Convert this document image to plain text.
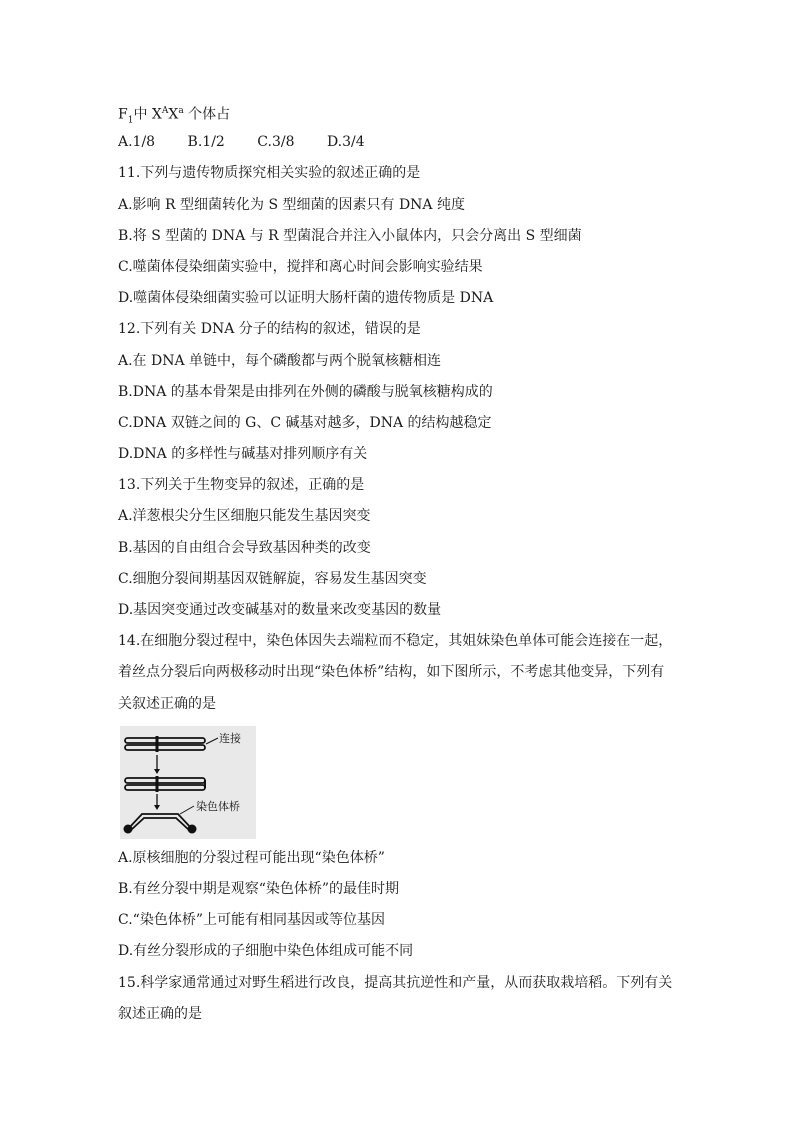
$F_1$中 $X^AX^a$ 个体占
A.1/8 B.1/2 C.3/8 D.3/4
11.下列与遗传物质探究相关实验的叙述正确的是
A.影响 R 型细菌转化为 S 型细菌的因素只有 DNA 纯度
B.将 S 型菌的 DNA 与 R 型菌混合并注入小鼠体内，只会分离出 S 型细菌
C.噬菌体侵染细菌实验中，搅拌和离心时间会影响实验结果
D.噬菌体侵染细菌实验可以证明大肠杆菌的遗传物质是 DNA
12.下列有关 DNA 分子的结构的叙述，错误的是
A.在 DNA 单链中，每个磷酸都与两个脱氧核糖相连
B.DNA 的基本骨架是由排列在外侧的磷酸与脱氧核糖构成的
C.DNA 双链之间的 G、C 碱基对越多，DNA 的结构越稳定
D.DNA 的多样性与碱基对排列顺序有关
13.下列关于生物变异的叙述，正确的是
A.洋葱根尖分生区细胞只能发生基因突变
B.基因的自由组合会导致基因种类的改变
C.细胞分裂间期基因双链解旋，容易发生基因突变
D.基因突变通过改变碱基对的数量来改变基因的数量
14.在细胞分裂过程中，染色体因失去端粒而不稳定，其姐妹染色单体可能会连接在一起，
着丝点分裂后向两极移动时出现“染色体桥”结构，如下图所示，不考虑其他变异，下列有
关叙述正确的是
连接
染色体桥
A.原核细胞的分裂过程可能出现“染色体桥”
B.有丝分裂中期是观察“染色体桥”的最佳时期
C.“染色体桥”上可能有相同基因或等位基因
D.有丝分裂形成的子细胞中染色体组成可能不同
15.科学家通常通过对野生稻进行改良，提高其抗逆性和产量，从而获取栽培稻。下列有关
叙述正确的是
